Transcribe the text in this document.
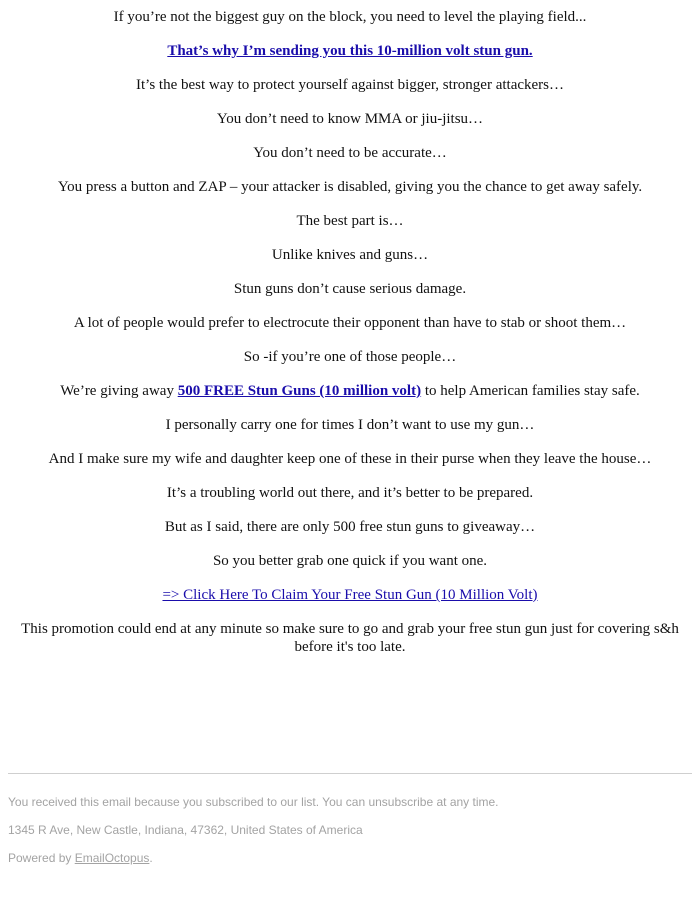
If you’re not the biggest guy on the block, you need to level the playing field...

That’s why I’m sending you this 10-million volt stun gun.

It’s the best way to protect yourself against bigger, stronger attackers…

You don’t need to know MMA or jiu-jitsu…

You don’t need to be accurate…

You press a button and ZAP – your attacker is disabled, giving you the chance to get away safely.

The best part is…

Unlike knives and guns…

Stun guns don’t cause serious damage.

A lot of people would prefer to electrocute their opponent than have to stab or shoot them…

So -if you’re one of those people…

We’re giving away 500 FREE Stun Guns (10 million volt) to help American families stay safe.

I personally carry one for times I don’t want to use my gun…

And I make sure my wife and daughter keep one of these in their purse when they leave the house…

It’s a troubling world out there, and it’s better to be prepared.

But as I said, there are only 500 free stun guns to giveaway…

So you better grab one quick if you want one.

=> Click Here To Claim Your Free Stun Gun (10 Million Volt)

This promotion could end at any minute so make sure to go and grab your free stun gun just for covering s&h before it's too late.

You received this email because you subscribed to our list. You can unsubscribe at any time.

1345 R Ave, New Castle, Indiana, 47362, United States of America

Powered by EmailOctopus.
